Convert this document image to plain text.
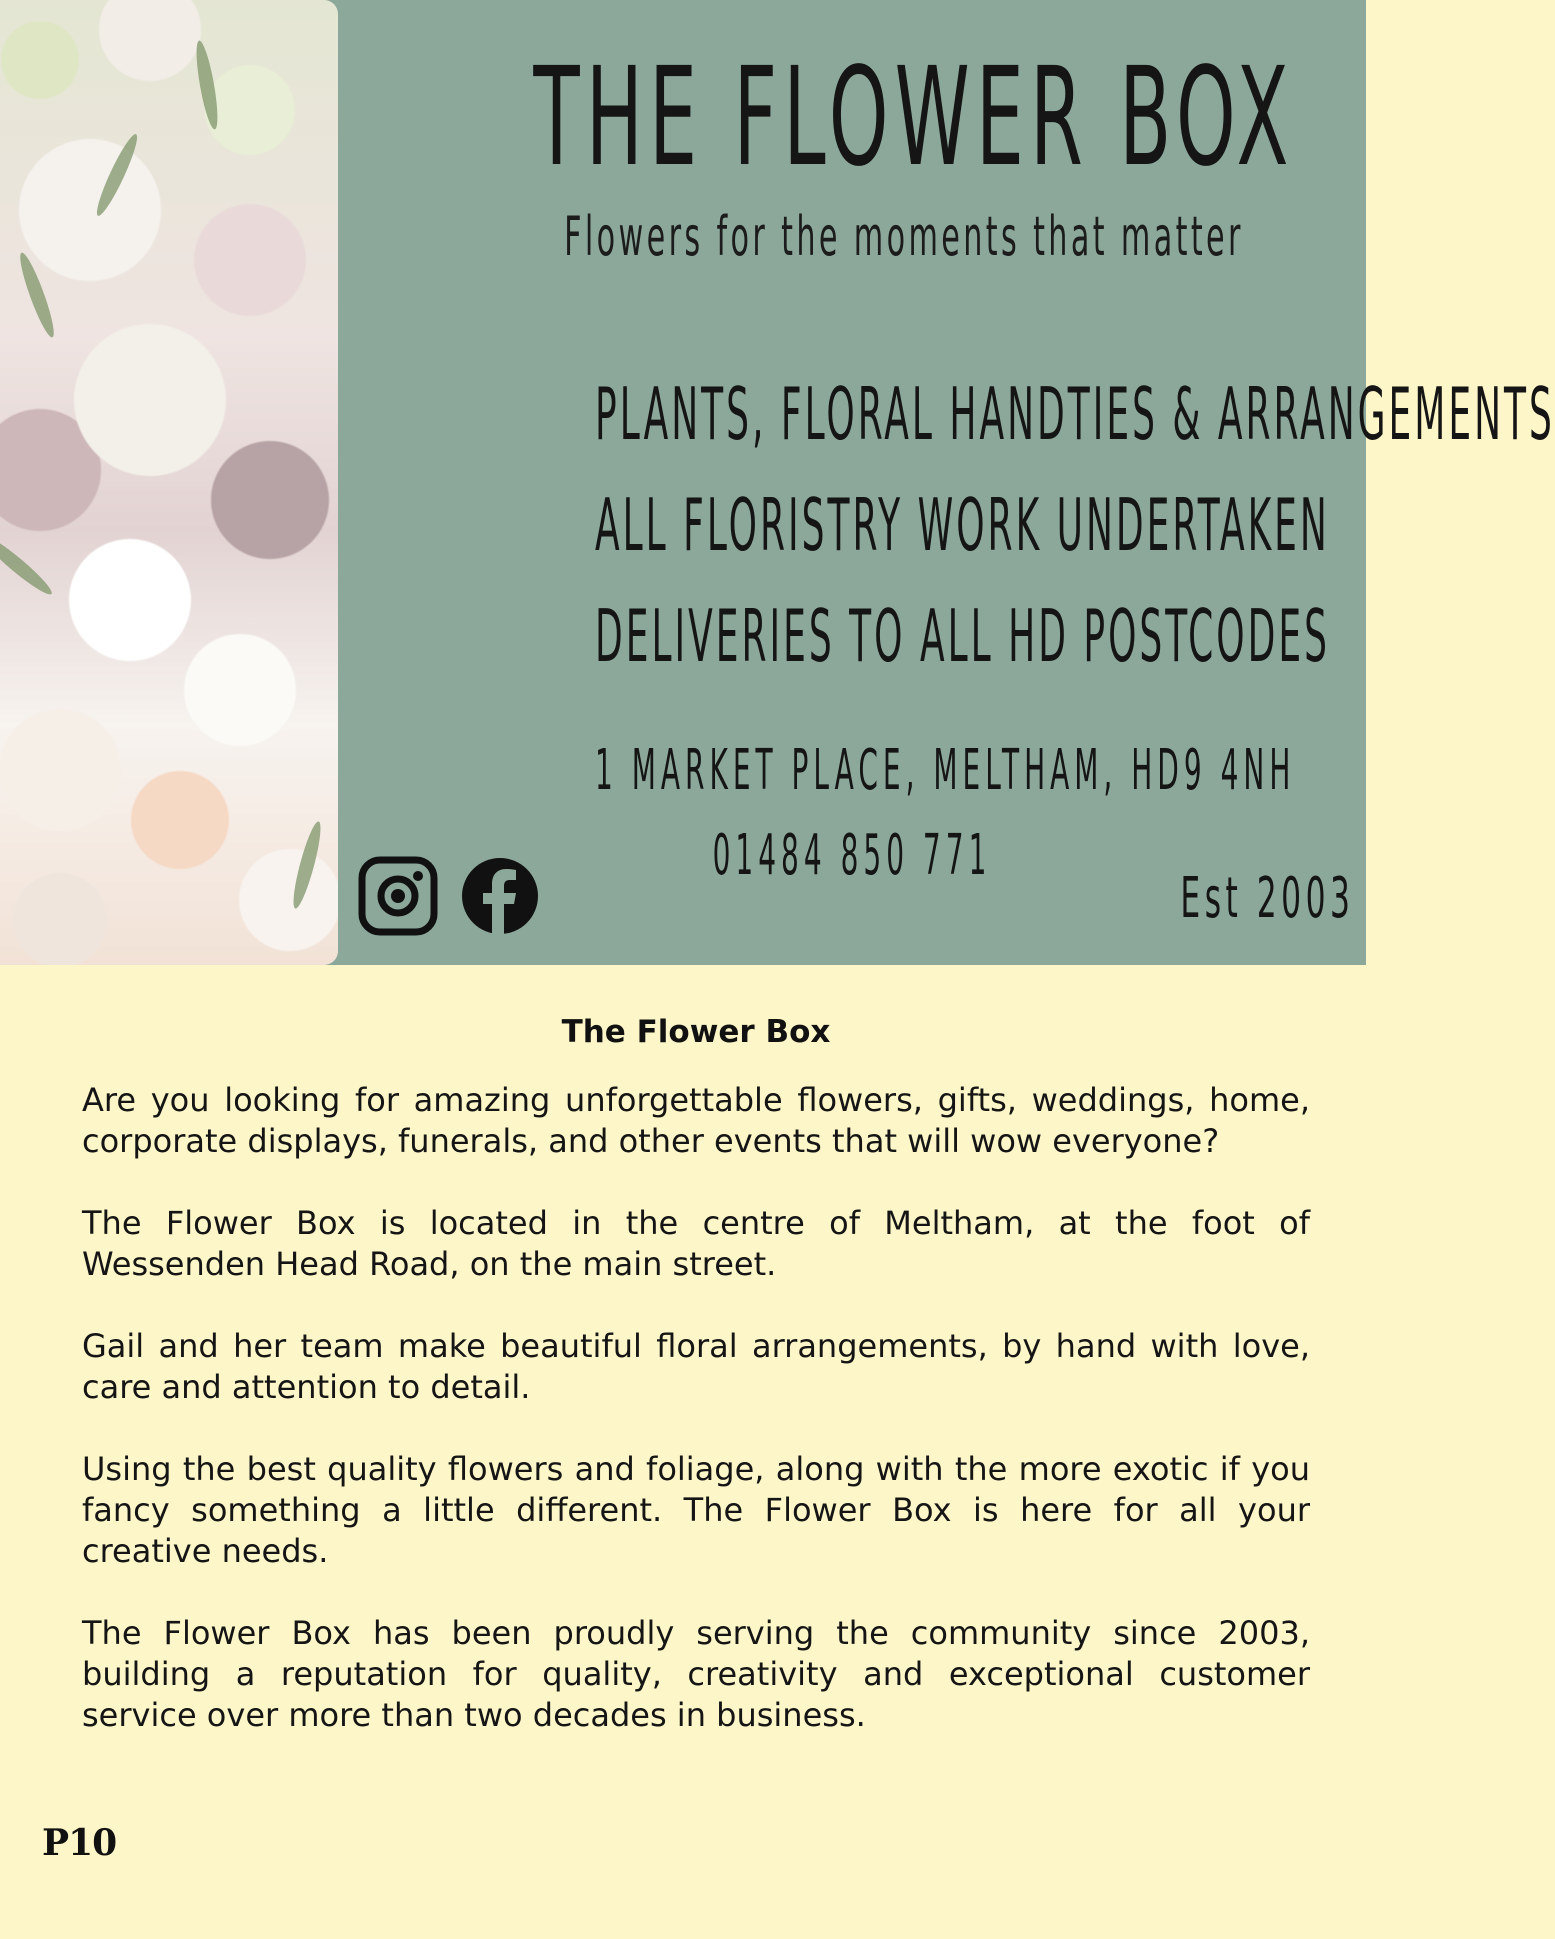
THE FLOWER BOX
Flowers for the moments that matter
PLANTS, FLORAL HANDTIES & ARRANGEMENTS
ALL FLORISTRY WORK UNDERTAKEN
DELIVERIES TO ALL HD POSTCODES
1 MARKET PLACE, MELTHAM, HD9 4NH
01484 850 771
Est 2003
The Flower Box

Are you looking for amazing unforgettable flowers, gifts, weddings, home, corporate displays, funerals, and other events that will wow everyone?

The Flower Box is located in the centre of Meltham, at the foot of Wessenden Head Road, on the main street.

Gail and her team make beautiful floral arrangements, by hand with love, care and attention to detail.

Using the best quality flowers and foliage, along with the more exotic if you fancy something a little different. The Flower Box is here for all your creative needs.

The Flower Box has been proudly serving the community since 2003, building a reputation for quality, creativity and exceptional customer service over more than two decades in business.

P10
